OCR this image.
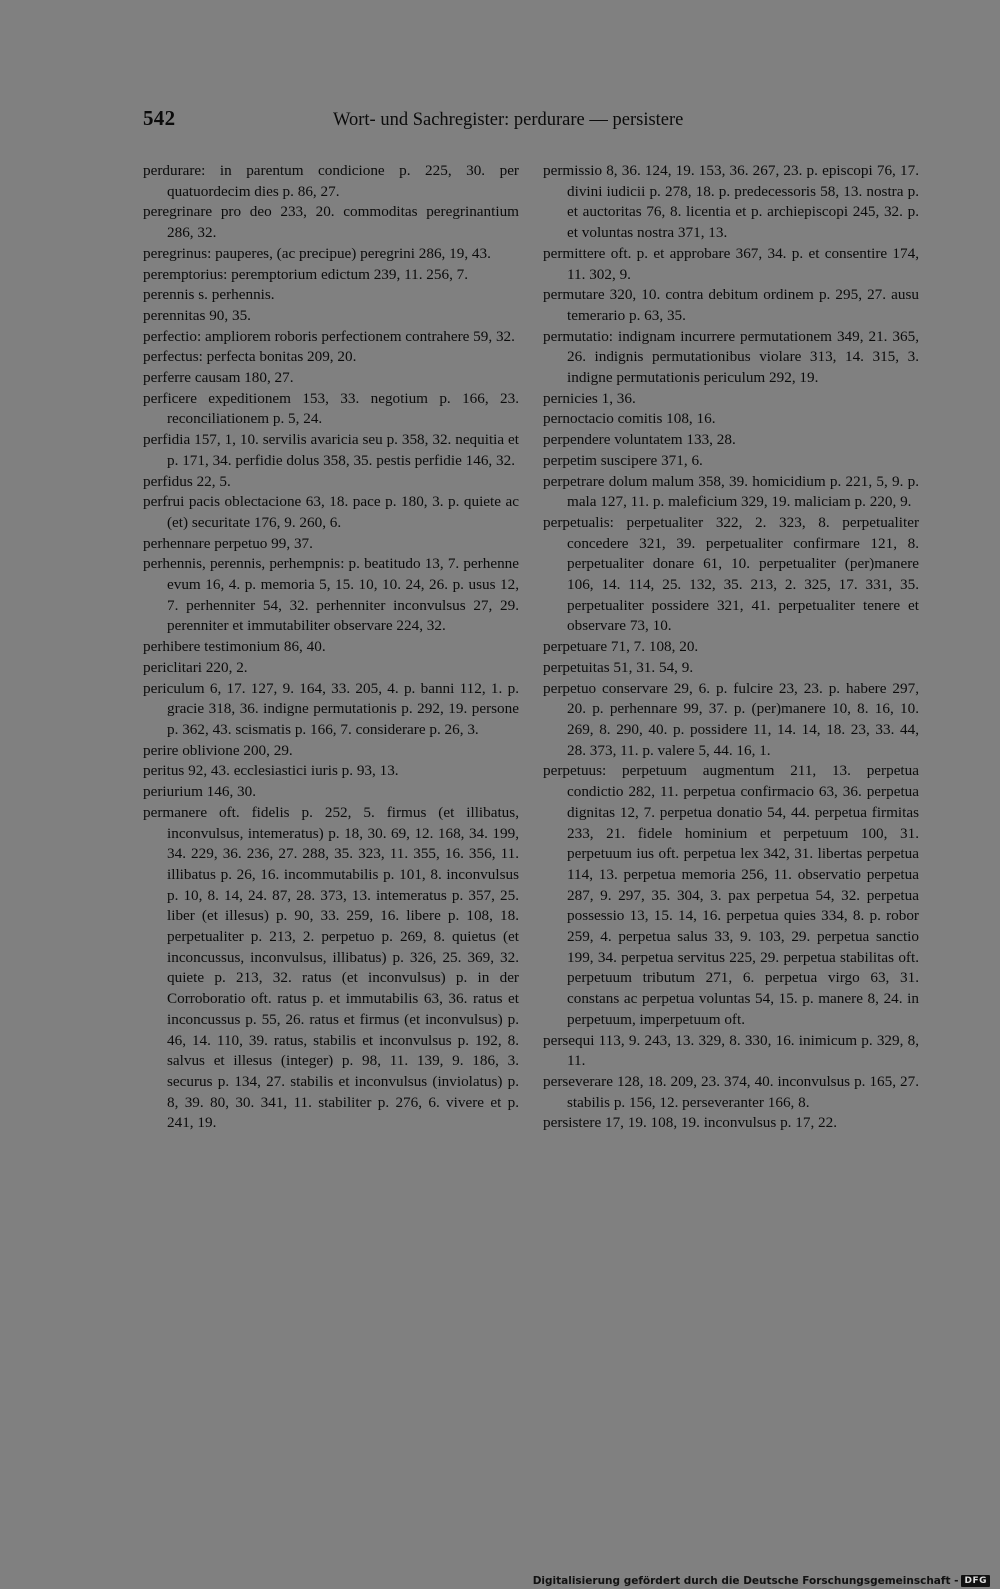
542	Wort- und Sachregister: perdurare — persistere

perdurare: in parentum condicione p. 225, 30. per quatuordecim dies p. 86, 27.

peregrinare pro deo 233, 20. commoditas peregrinantium 286, 32.

peregrinus: pauperes, (ac precipue) peregrini 286, 19, 43.

peremptorius: peremptorium edictum 239, 11. 256, 7.

perennis s. perhennis.

perennitas 90, 35.

perfectio: ampliorem roboris perfectionem contrahere 59, 32.

perfectus: perfecta bonitas 209, 20.

perferre causam 180, 27.

perficere expeditionem 153, 33. negotium p. 166, 23. reconciliationem p. 5, 24.

perfidia 157, 1, 10. servilis avaricia seu p. 358, 32. nequitia et p. 171, 34. perfidie dolus 358, 35. pestis perfidie 146, 32.

perfidus 22, 5.

perfrui pacis oblectacione 63, 18. pace p. 180, 3. p. quiete ac (et) securitate 176, 9. 260, 6.

perhennare perpetuo 99, 37.

perhennis, perennis, perhempnis: p. beatitudo 13, 7. perhenne evum 16, 4. p. memoria 5, 15. 10, 10. 24, 26. p. usus 12, 7. perhenniter 54, 32. perhenniter inconvulsus 27, 29. perenniter et immutabiliter observare 224, 32.

perhibere testimonium 86, 40.

periclitari 220, 2.

periculum 6, 17. 127, 9. 164, 33. 205, 4. p. banni 112, 1. p. gracie 318, 36. indigne permutationis p. 292, 19. persone p. 362, 43. scismatis p. 166, 7. considerare p. 26, 3.

perire oblivione 200, 29.

peritus 92, 43. ecclesiastici iuris p. 93, 13.

periurium 146, 30.

permanere oft. fidelis p. 252, 5. firmus (et illibatus, inconvulsus, intemeratus) p. 18, 30. 69, 12. 168, 34. 199, 34. 229, 36. 236, 27. 288, 35. 323, 11. 355, 16. 356, 11. illibatus p. 26, 16. incommutabilis p. 101, 8. inconvulsus p. 10, 8. 14, 24. 87, 28. 373, 13. intemeratus p. 357, 25. liber (et illesus) p. 90, 33. 259, 16. libere p. 108, 18. perpetualiter p. 213, 2. perpetuo p. 269, 8. quietus (et inconcussus, inconvulsus, illibatus) p. 326, 25. 369, 32. quiete p. 213, 32. ratus (et inconvulsus) p. in der Corroboratio oft. ratus p. et immutabilis 63, 36. ratus et inconcussus p. 55, 26. ratus et firmus (et inconvulsus) p. 46, 14. 110, 39. ratus, stabilis et inconvulsus p. 192, 8. salvus et illesus (integer) p. 98, 11. 139, 9. 186, 3. securus p. 134, 27. stabilis et inconvulsus (inviolatus) p. 8, 39. 80, 30. 341, 11. stabiliter p. 276, 6. vivere et p. 241, 19.

permissio 8, 36. 124, 19. 153, 36. 267, 23. p. episcopi 76, 17. divini iudicii p. 278, 18. p. predecessoris 58, 13. nostra p. et auctoritas 76, 8. licentia et p. archiepiscopi 245, 32. p. et voluntas nostra 371, 13.

permittere oft. p. et approbare 367, 34. p. et consentire 174, 11. 302, 9.

permutare 320, 10. contra debitum ordinem p. 295, 27. ausu temerario p. 63, 35.

permutatio: indignam incurrere permutationem 349, 21. 365, 26. indignis permutationibus violare 313, 14. 315, 3. indigne permutationis periculum 292, 19.

pernicies 1, 36.

pernoctacio comitis 108, 16.

perpendere voluntatem 133, 28.

perpetim suscipere 371, 6.

perpetrare dolum malum 358, 39. homicidium p. 221, 5, 9. p. mala 127, 11. p. maleficium 329, 19. maliciam p. 220, 9.

perpetualis: perpetualiter 322, 2. 323, 8. perpetualiter concedere 321, 39. perpetualiter confirmare 121, 8. perpetualiter donare 61, 10. perpetualiter (per)manere 106, 14. 114, 25. 132, 35. 213, 2. 325, 17. 331, 35. perpetualiter possidere 321, 41. perpetualiter tenere et observare 73, 10.

perpetuare 71, 7. 108, 20.

perpetuitas 51, 31. 54, 9.

perpetuo conservare 29, 6. p. fulcire 23, 23. p. habere 297, 20. p. perhennare 99, 37. p. (per)manere 10, 8. 16, 10. 269, 8. 290, 40. p. possidere 11, 14. 14, 18. 23, 33. 44, 28. 373, 11. p. valere 5, 44. 16, 1.

perpetuus: perpetuum augmentum 211, 13. perpetua condictio 282, 11. perpetua confirmacio 63, 36. perpetua dignitas 12, 7. perpetua donatio 54, 44. perpetua firmitas 233, 21. fidele hominium et perpetuum 100, 31. perpetuum ius oft. perpetua lex 342, 31. libertas perpetua 114, 13. perpetua memoria 256, 11. observatio perpetua 287, 9. 297, 35. 304, 3. pax perpetua 54, 32. perpetua possessio 13, 15. 14, 16. perpetua quies 334, 8. p. robor 259, 4. perpetua salus 33, 9. 103, 29. perpetua sanctio 199, 34. perpetua servitus 225, 29. perpetua stabilitas oft. perpetuum tributum 271, 6. perpetua virgo 63, 31. constans ac perpetua voluntas 54, 15. p. manere 8, 24. in perpetuum, imperpetuum oft.

persequi 113, 9. 243, 13. 329, 8. 330, 16. inimicum p. 329, 8, 11.

perseverare 128, 18. 209, 23. 374, 40. inconvulsus p. 165, 27. stabilis p. 156, 12. perseveranter 166, 8.

persistere 17, 19. 108, 19. inconvulsus p. 17, 22.

Digitalisierung gefördert durch die Deutsche Forschungsgemeinschaft - DFG
